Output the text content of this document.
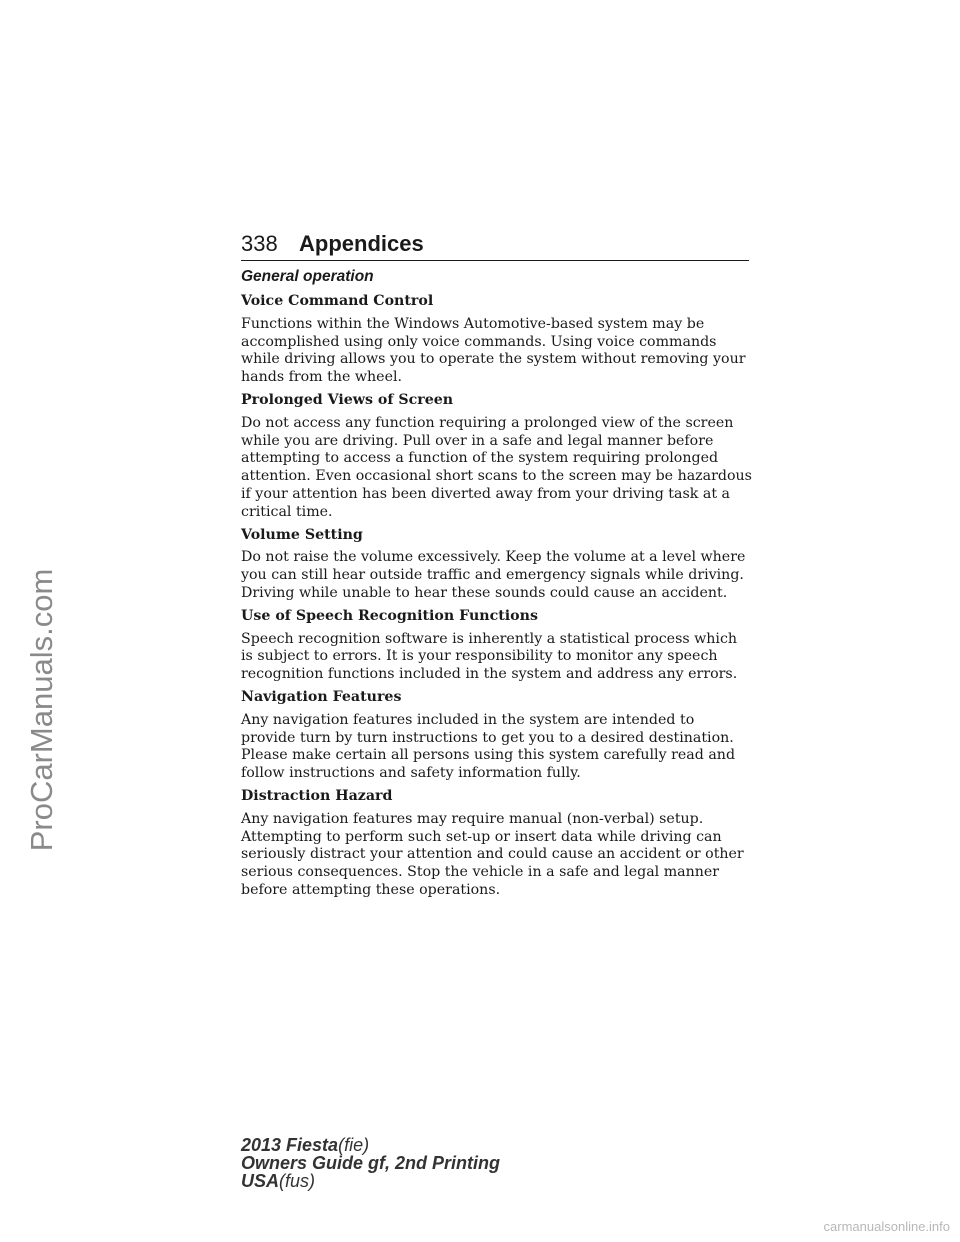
338 Appendices
General operation
Voice Command Control
Functions within the Windows Automotive-based system may be accomplished using only voice commands. Using voice commands while driving allows you to operate the system without removing your hands from the wheel.
Prolonged Views of Screen
Do not access any function requiring a prolonged view of the screen while you are driving. Pull over in a safe and legal manner before attempting to access a function of the system requiring prolonged attention. Even occasional short scans to the screen may be hazardous if your attention has been diverted away from your driving task at a critical time.
Volume Setting
Do not raise the volume excessively. Keep the volume at a level where you can still hear outside traffic and emergency signals while driving. Driving while unable to hear these sounds could cause an accident.
Use of Speech Recognition Functions
Speech recognition software is inherently a statistical process which is subject to errors. It is your responsibility to monitor any speech recognition functions included in the system and address any errors.
Navigation Features
Any navigation features included in the system are intended to provide turn by turn instructions to get you to a desired destination. Please make certain all persons using this system carefully read and follow instructions and safety information fully.
Distraction Hazard
Any navigation features may require manual (non-verbal) setup. Attempting to perform such set-up or insert data while driving can seriously distract your attention and could cause an accident or other serious consequences. Stop the vehicle in a safe and legal manner before attempting these operations.
2013 Fiesta(fie)
Owners Guide gf, 2nd Printing
USA(fus)
ProCarManuals.com
carmanualsonline.info
